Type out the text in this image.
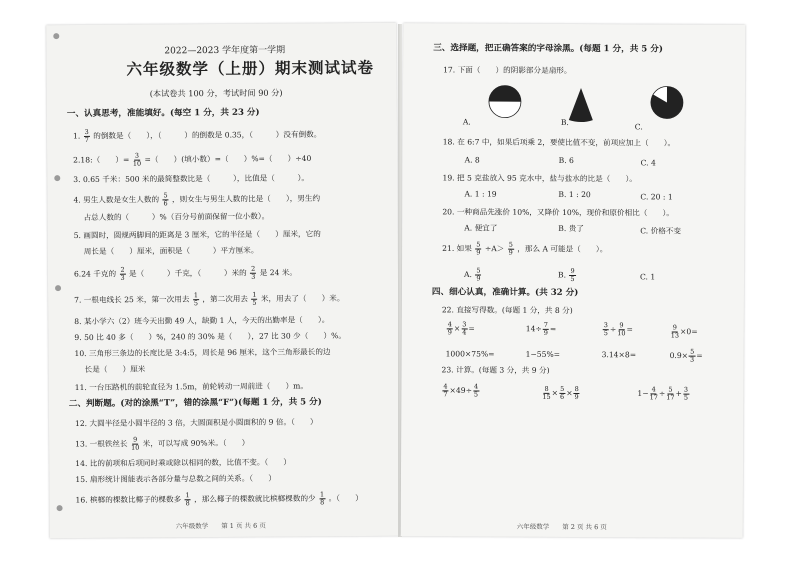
2022—2023 学年度第一学期
六年级数学（上册）期末测试试卷
(本试卷共 100 分，考试时间 90 分)
一、认真思考，准能填好。(每空 1 分，共 23 分)
1. $\frac{3}{7}$ 的倒数是（　　），（　　　）的倒数是 0.35，（　　　）没有倒数。
2.18:（　　）= $\frac{3}{10}$ =（　　）(填小数）=（　　）%=（　　）÷40
3. 0.65 千米：500 米的最简整数比是（　　　），比值是（　　　）。
4. 男生人数是女生人数的 $\frac{5}{6}$ ，则女生与男生人数的比是（　　），男生约
占总人数的（　　　）%（百分号前面保留一位小数）。
5. 画圆时，圆规两脚间的距离是 3 厘米，它的半径是（　　）厘米，它的
周长是（　　）厘米，面积是（　　　）平方厘米。
6.24 千克的 $\frac{2}{3}$ 是（　　　）千克，（　　　）米的 $\frac{2}{3}$ 是 24 米。
7. 一根电线长 25 米，第一次用去 $\frac{1}{5}$ ，第二次用去 $\frac{1}{5}$ 米，用去了（　　）米。
8. 某小学六（2）班今天出勤 49 人，缺勤 1 人，今天的出勤率是（　　）。
9. 50 比 40 多（　　）%，240 的 30% 是（　　），27 比 30 少（　　）%。
10. 三角形三条边的长度比是 3:4:5，周长是 96 厘米，这个三角形最长的边
长是（　　）厘米
11. 一台压路机的前轮直径为 1.5m，前轮转动一周前进（　　）m。
二、判断题。(对的涂黑“T”，错的涂黑“F”)(每题 1 分，共 5 分)
12. 大圆半径是小圆半径的 3 倍，大圆面积是小圆面积的 9 倍。（　　）
13. 一根铁丝长 $\frac{9}{10}$ 米，可以写成 90%米。（　　）
14. 比的前项和后项同时乘或除以相同的数，比值不变。（　　）
15. 扇形统计图能表示各部分量与总数之间的关系。（　　）
16. 槟榔的棵数比椰子的棵数多 $\frac{1}{8}$ ，那么椰子的棵数就比槟榔棵数的少 $\frac{1}{8}$ 。（　　）
六年级数学　　第 1 页 共 6 页
三、选择题，把正确答案的字母涂黑。(每题 1 分，共 5 分)
17. 下面（　　）的阴影部分是扇形。
A.	B.	C.
18. 在 6:7 中，如果后项乘 2，要使比值不变，前项应加上（　　）。
A. 8	B. 6	C. 4
19. 把 5 克盐放入 95 克水中，盐与盐水的比是（　　）。
A. 1 : 19	B. 1 : 20	C. 20 : 1
20. 一种商品先涨价 10%，又降价 10%，现价和原价相比（　　）。
A. 便宜了	B. 贵了	C. 价格不变
21. 如果 $\frac{5}{9} \div A> \frac{5}{9}$ ，那么 A 可能是（　　）。
A. $\frac{5}{9}$	B. $\frac{9}{5}$	C. 1
四、细心认真，准确计算。(共 32 分)
22. 直接写得数。(每题 1 分，共 8 分)
$\frac{4}{9} \times \frac{3}{4}$ =	$14\div \frac{7}{9}$ =	$\frac{3}{5} \div \frac{9}{10}$ =	$\frac{9}{13} \times 0=$
1000×75%=	1−55%=	3.14×8=	$0.9\times \frac{5}{3}$ =
23. 计算。(每题 3 分，共 9 分)
$\frac{4}{7} \times 49\div \frac{4}{5}$	$\frac{8}{15} \times \frac{5}{6} \times \frac{8}{9}$	$1- \frac{4}{17} \div \frac{5}{17} + \frac{3}{5}$
六年级数学　　第 2 页 共 6 页
